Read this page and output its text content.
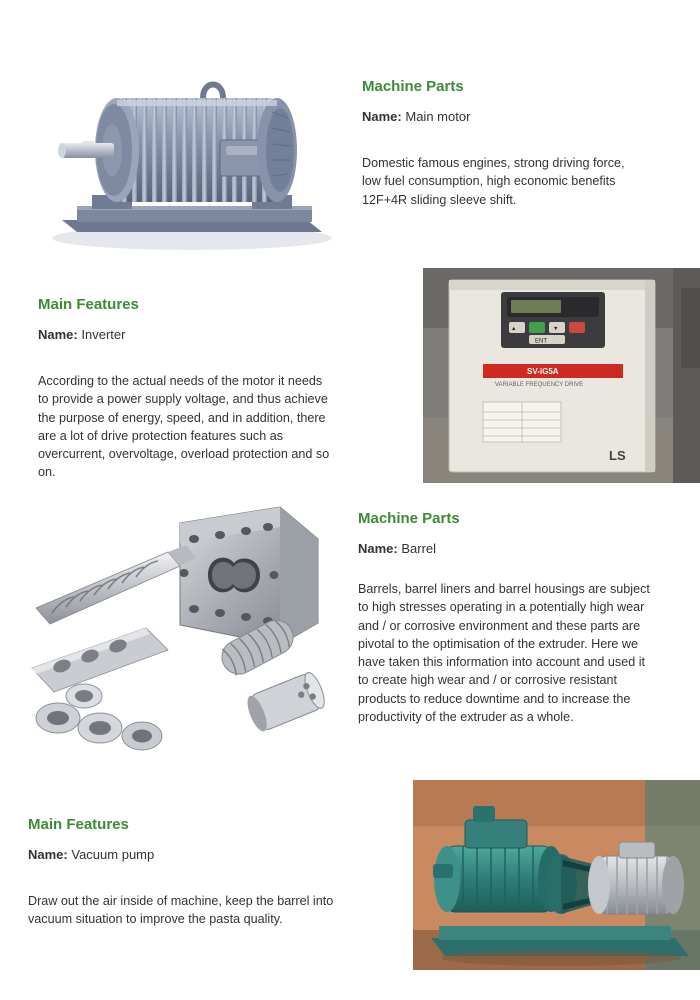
Machine Parts

Name: Main motor

Domestic famous engines, strong driving force, low fuel consumption, high economic benefits 12F+4R sliding sleeve shift.

Main Features

Name: Inverter

According to the actual needs of the motor it needs to provide a power supply voltage, and thus achieve the purpose of energy, speed, and in addition, there are a lot of drive protection features such as overcurrent, overvoltage, overload protection and so on.

ENT
▲	▼
SV-iG5A
VARIABLE FREQUENCY DRIVE
LS
Machine Parts

Name: Barrel

Barrels, barrel liners and barrel housings are subject to high stresses operating in a potentially high wear and / or corrosive environment and these parts are pivotal to the optimisation of the extruder. Here we have taken this information into account and used it to create high wear and / or corrosive resistant products to reduce downtime and to increase the productivity of the extruder as a whole.

Main Features

Name: Vacuum pump

Draw out the air inside of machine, keep the barrel into vacuum situation to improve the pasta quality.
